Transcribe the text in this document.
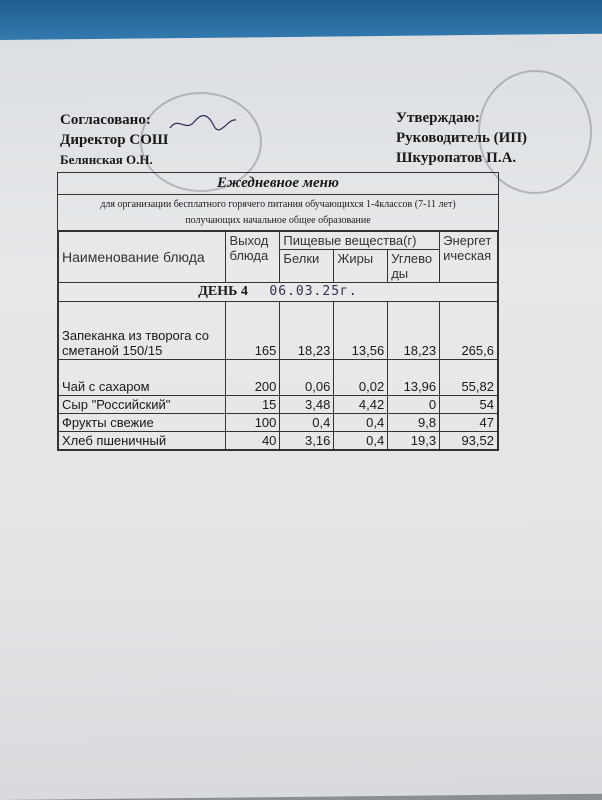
Согласовано:
Директор СОШ
Белянская О.Н.
Утверждаю:
Руководитель (ИП)
Шкуропатов П.А.
Ежедневное меню
для организации бесплатного горячего питания обучающихся 1-4классов (7-11 лет)
получающих начальное общее образование
Наименование блюда	Выход блюда	Пищевые вещества(г)			Энергетическая
		Белки	Жиры	Углеводы	
ДЕНЬ 4 06.03.25г.					
Запеканка из творога со сметаной 150/15	165	18,23	13,56	18,23	265,6
Чай с сахаром	200	0,06	0,02	13,96	55,82
Сыр "Российский"	15	3,48	4,42	0	54
Фрукты свежие	100	0,4	0,4	9,8	47
Хлеб пшеничный	40	3,16	0,4	19,3	93,52
